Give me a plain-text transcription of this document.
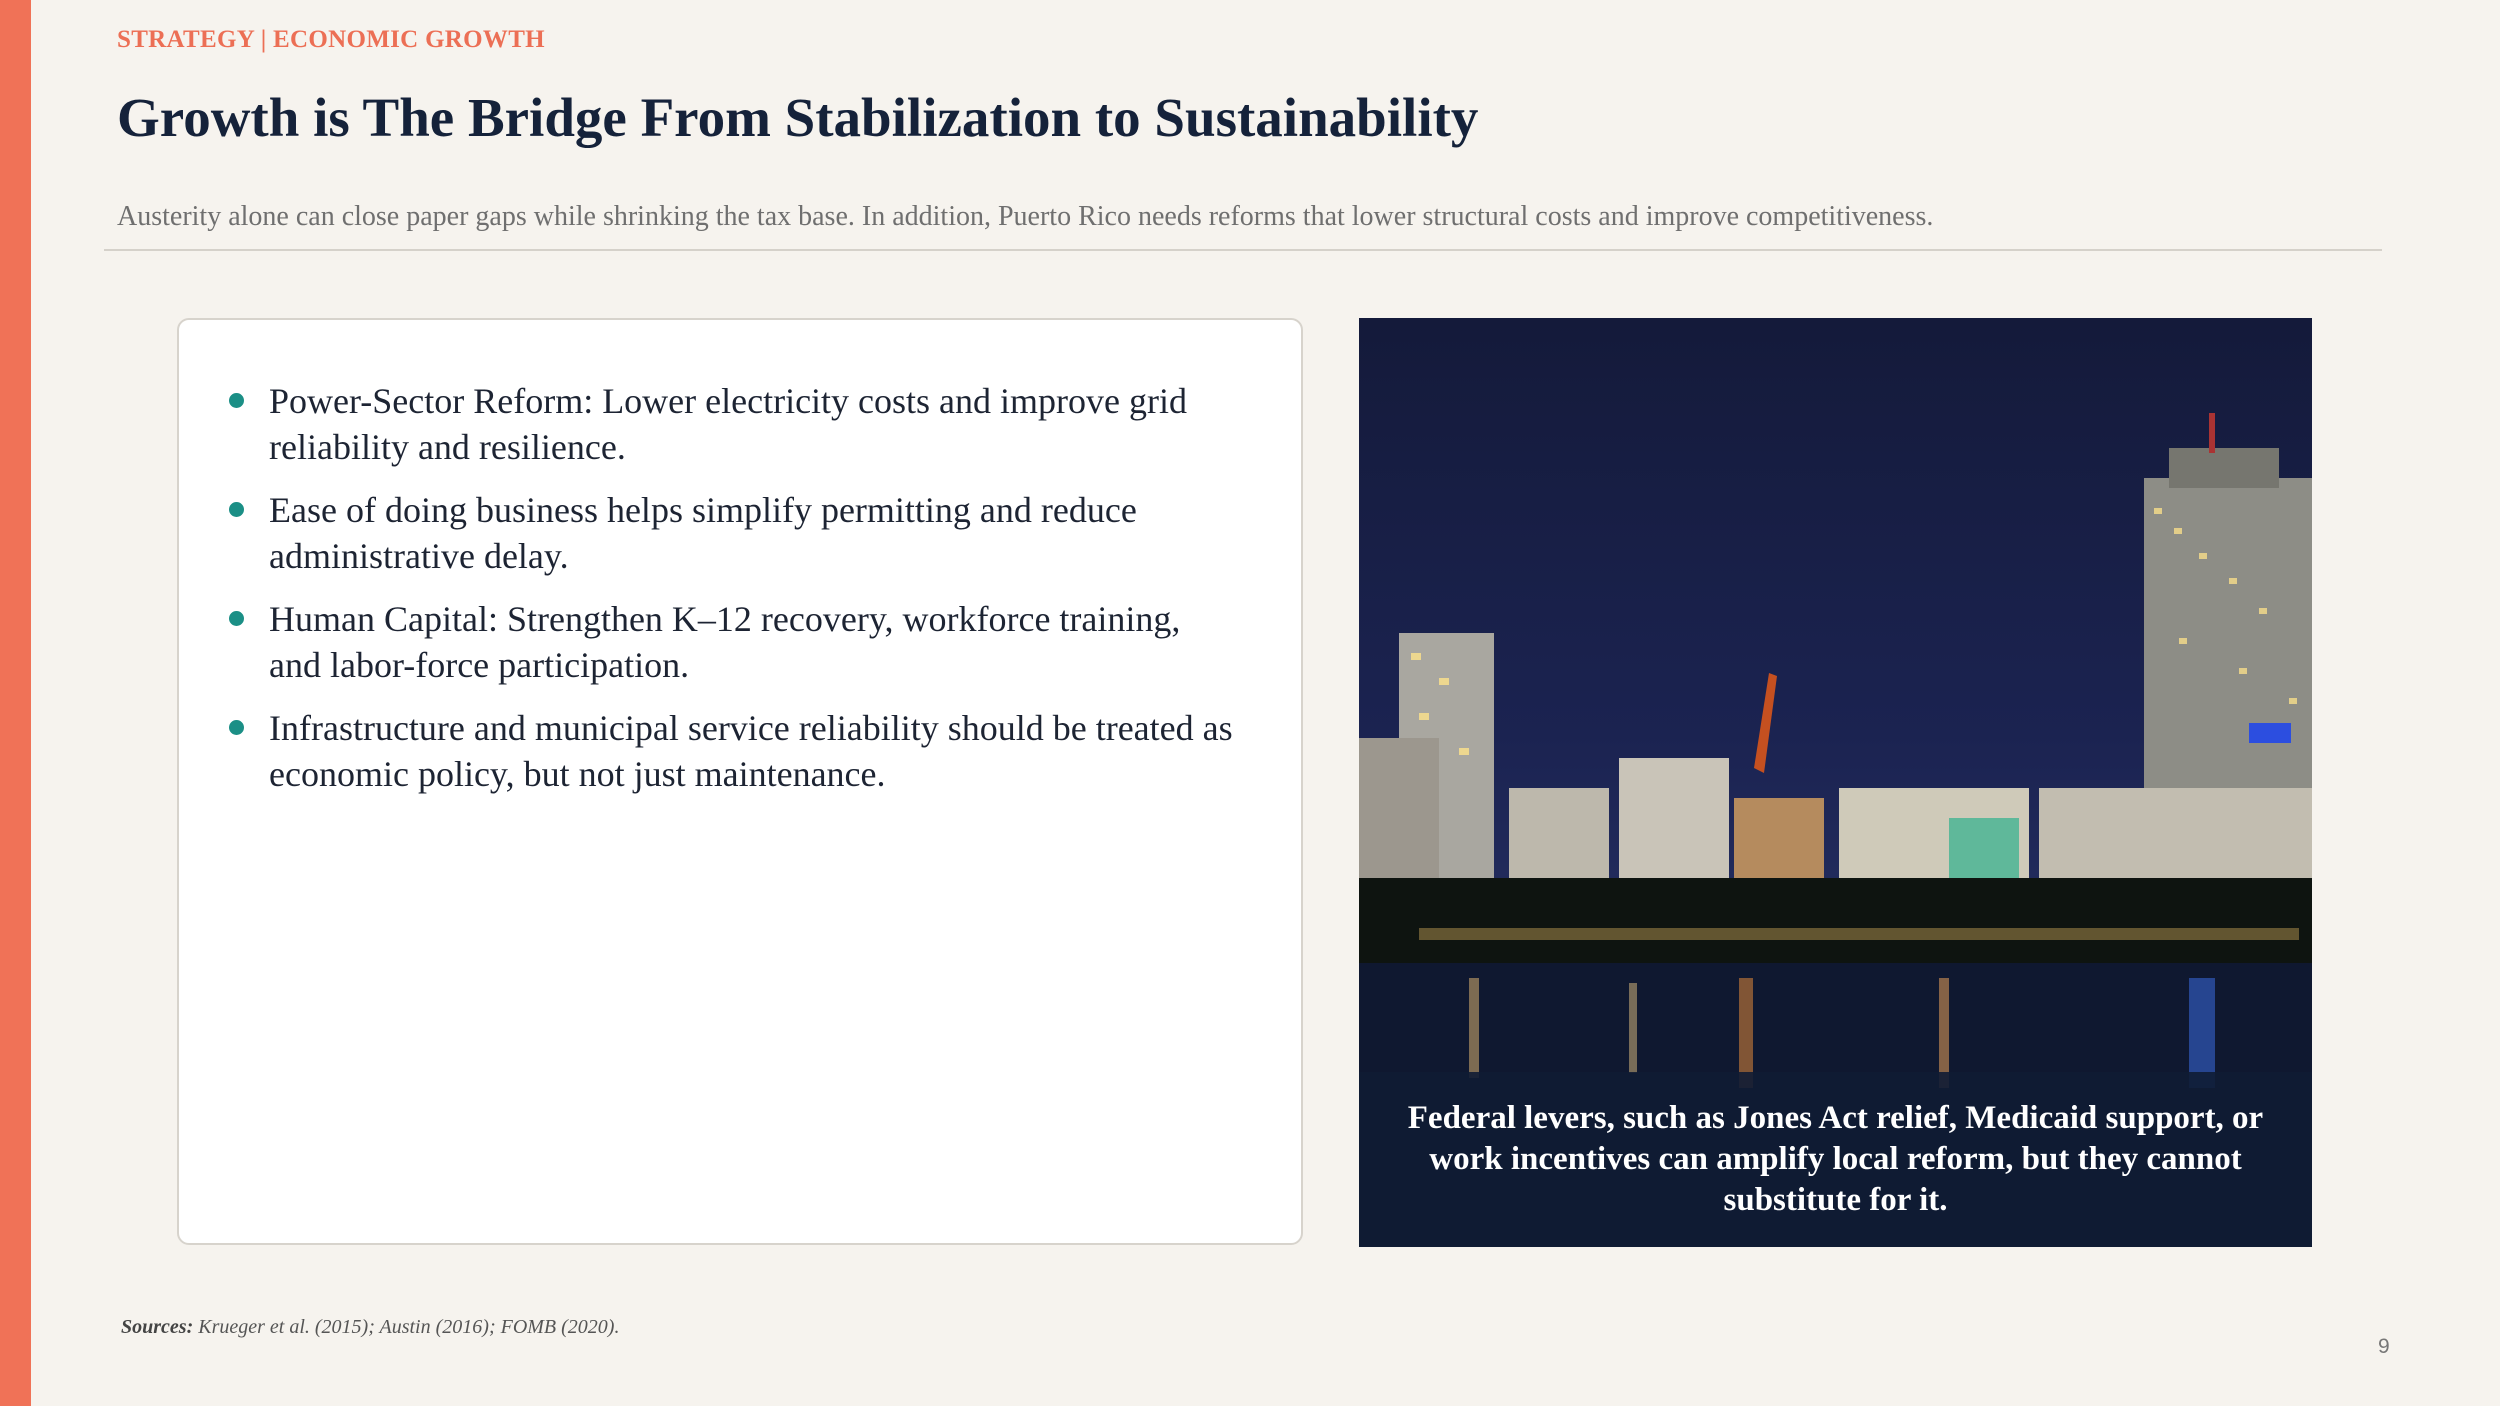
STRATEGY | ECONOMIC GROWTH
Growth is The Bridge From Stabilization to Sustainability
Austerity alone can close paper gaps while shrinking the tax base. In addition, Puerto Rico needs reforms that lower structural costs and improve competitiveness.
Power-Sector Reform: Lower electricity costs and improve grid reliability and resilience.
Ease of doing business helps simplify permitting and reduce administrative delay.
Human Capital: Strengthen K–12 recovery, workforce training, and labor-force participation.
Infrastructure and municipal service reliability should be treated as economic policy, but not just maintenance.
Federal levers, such as Jones Act relief, Medicaid support, or work incentives can amplify local reform, but they cannot substitute for it.
Sources: Krueger et al. (2015); Austin (2016); FOMB (2020).
9
